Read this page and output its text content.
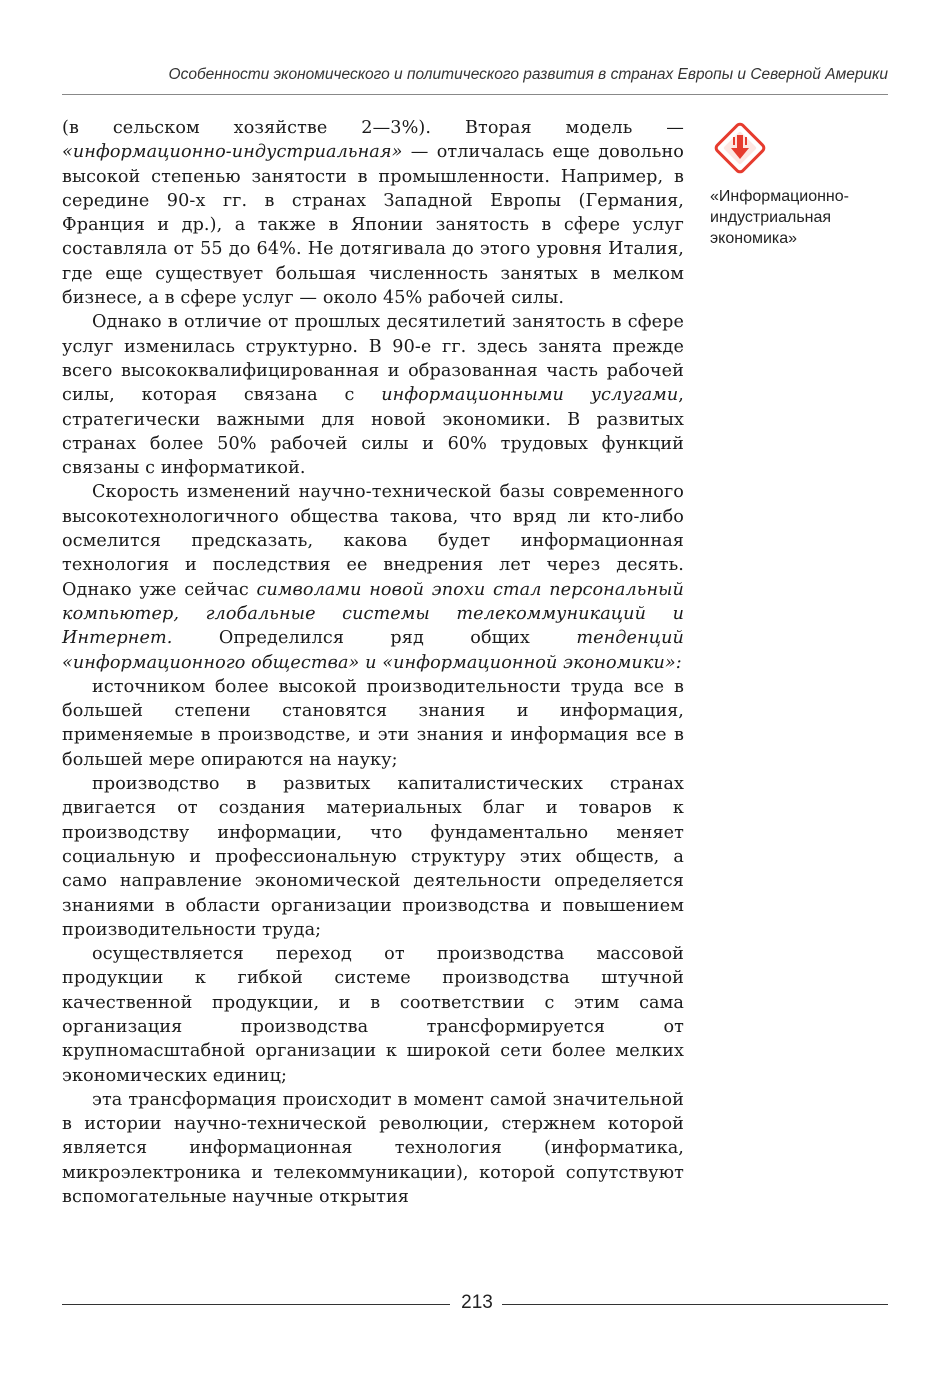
Особенности экономического и политического развития в странах Европы и Северной Америки

(в сельском хозяйстве 2—3%). Вторая модель — «информационно-индустриальная» — отличалась еще довольно высокой степенью занятости в промышленности. Например, в середине 90-х гг. в странах Западной Европы (Германия, Франция и др.), а также в Японии занятость в сфере услуг составляла от 55 до 64%. Не дотягивала до этого уровня Италия, где еще существует большая численность занятых в мелком бизнесе, а в сфере услуг — около 45% рабочей силы.

Однако в отличие от прошлых десятилетий занятость в сфере услуг изменилась структурно. В 90-е гг. здесь занята прежде всего высококвалифицированная и образованная часть рабочей силы, которая связана с информационными услугами, стратегически важными для новой экономики. В развитых странах более 50% рабочей силы и 60% трудовых функций связаны с информатикой.

Скорость изменений научно-технической базы современного высокотехнологичного общества такова, что вряд ли кто-либо осмелится предсказать, какова будет информационная технология и последствия ее внедрения лет через десять. Однако уже сейчас символами новой эпохи стал персональный компьютер, глобальные системы телекоммуникаций и Интернет. Определился ряд общих тенденций «информационного общества» и «информационной экономики»:

источником более высокой производительности труда все в большей степени становятся знания и информация, применяемые в производстве, и эти знания и информация все в большей мере опираются на науку;

производство в развитых капиталистических странах двигается от создания материальных благ и товаров к производству информации, что фундаментально меняет социальную и профессиональную структуру этих обществ, а само направление экономической деятельности определяется знаниями в области организации производства и повышением производительности труда;

осуществляется переход от производства массовой продукции к гибкой системе производства штучной качественной продукции, и в соответствии с этим сама организация производства трансформируется от крупномасштабной организации к широкой сети более мелких экономических единиц;

эта трансформация происходит в момент самой значительной в истории научно-технической революции, стержнем которой является информационная технология (информатика, микроэлектроника и телекоммуникации), которой сопутствуют вспомогательные научные открытия

«Информационно-индустриальная экономика»
213
